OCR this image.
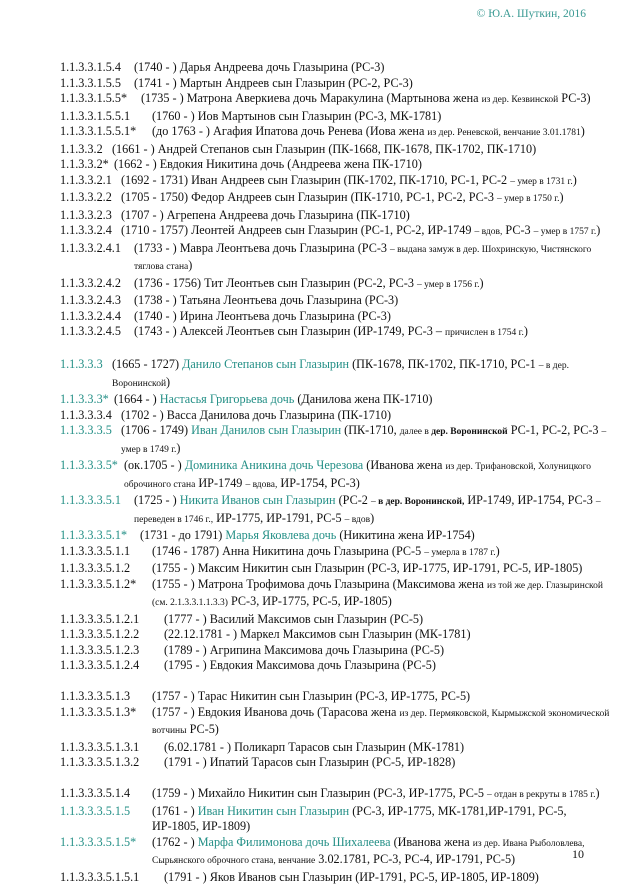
© Ю.А. Шуткин, 2016
1.1.3.3.1.5.4	(1740 - ) Дарья Андреева дочь Глазырина (РС-3)
1.1.3.3.1.5.5	(1741 - ) Мартын Андреев сын Глазырин (РС-2, РС-3)
1.1.3.3.1.5.5*	(1735 - ) Матрона Аверкиева дочь Маракулина (Мартынова жена из дер. Кезвинской РС-3)
1.1.3.3.1.5.5.1	(1760 - ) Иов Мартынов сын Глазырин (РС-3, МК-1781)
1.1.3.3.1.5.5.1*	(до 1763 - ) Агафия Ипатова дочь Ренева (Иова жена из дер. Реневской, венчание 3.01.1781)
1.1.3.3.2 (1661 - ) Андрей Степанов сын Глазырин (ПК-1668, ПК-1678, ПК-1702, ПК-1710)
1.1.3.3.2* (1662 - ) Евдокия Никитина дочь (Андреева жена ПК-1710)
1.1.3.3.2.1 (1692 - 1731) Иван Андреев сын Глазырин (ПК-1702, ПК-1710, РС-1, РС-2 – умер в 1731 г.)
1.1.3.3.2.2 (1705 - 1750) Федор Андреев сын Глазырин (ПК-1710, РС-1, РС-2, РС-3 – умер в 1750 г.)
1.1.3.3.2.3 (1707 - ) Агрепена Андреева дочь Глазырина (ПК-1710)
1.1.3.3.2.4 (1710 - 1757) Леонтей Андреев сын Глазырин (РС-1, РС-2, ИР-1749 – вдов, РС-3 – умер в 1757 г.)
1.1.3.3.2.4.1	(1733 - ) Мавра Леонтьева дочь Глазырина (РС-3 – выдана замуж в дер. Шохринскую, Чистянского тяглова стана)
1.1.3.3.2.4.2	(1736 - 1756) Тит Леонтьев сын Глазырин (РС-2, РС-3 – умер в 1756 г.)
1.1.3.3.2.4.3	(1738 - ) Татьяна Леонтьева дочь Глазырина (РС-3)
1.1.3.3.2.4.4	(1740 - ) Ирина Леонтьева дочь Глазырина (РС-3)
1.1.3.3.2.4.5	(1743 - ) Алексей Леонтьев сын Глазырин (ИР-1749, РС-3 – причислен в 1754 г.)
1.1.3.3.3 (1665 - 1727) Данило Степанов сын Глазырин (ПК-1678, ПК-1702, ПК-1710, РС-1 – в дер. Воронинской)
1.1.3.3.3* (1664 - ) Настасья Григорьева дочь (Данилова жена ПК-1710)
1.1.3.3.3.4 (1702 - ) Васса Данилова дочь Глазырина (ПК-1710)
1.1.3.3.3.5 (1706 - 1749) Иван Данилов сын Глазырин (ПК-1710, далее в дер. Воронинской РС-1, РС-2, РС-3 – умер в 1749 г.)
1.1.3.3.3.5* (ок.1705 - ) Доминика Аникина дочь Черезова (Иванова жена из дер. Трифановской, Холуницкого оброчиного стана ИР-1749 – вдова, ИР-1754, РС-3)
1.1.3.3.3.5.1	(1725 - ) Никита Иванов сын Глазырин (РС-2 – в дер. Воронинской, ИР-1749, ИР-1754, РС-3 – переведен в 1746 г., ИР-1775, ИР-1791, РС-5 – вдов)
1.1.3.3.3.5.1*	(1731 - до 1791) Марья Яковлева дочь (Никитина жена ИР-1754)
1.1.3.3.3.5.1.1	(1746 - 1787) Анна Никитина дочь Глазырина (РС-5 – умерла в 1787 г.)
1.1.3.3.3.5.1.2	(1755 - ) Максим Никитин сын Глазырин (РС-3, ИР-1775, ИР-1791, РС-5, ИР-1805)
1.1.3.3.3.5.1.2*	(1755 - ) Матрона Трофимова дочь Глазырина (Максимова жена из той же дер. Глазыринской (см. 2.1.3.3.1.1.3.3) РС-3, ИР-1775, РС-5, ИР-1805)
1.1.3.3.3.5.1.2.1	(1777 - ) Василий Максимов сын Глазырин (РС-5)
1.1.3.3.3.5.1.2.2	(22.12.1781 - ) Маркел Максимов сын Глазырин (МК-1781)
1.1.3.3.3.5.1.2.3	(1789 - ) Агрипина Максимова дочь Глазырина (РС-5)
1.1.3.3.3.5.1.2.4	(1795 - ) Евдокия Максимова дочь Глазырина (РС-5)
1.1.3.3.3.5.1.3	(1757 - ) Тарас Никитин сын Глазырин (РС-3, ИР-1775, РС-5)
1.1.3.3.3.5.1.3*	(1757 - ) Евдокия Иванова дочь (Тарасова жена из дер. Пермяковской, Кырмыжской экономической вотчины РС-5)
1.1.3.3.3.5.1.3.1	(6.02.1781 - ) Поликарп Тарасов сын Глазырин (МК-1781)
1.1.3.3.3.5.1.3.2	(1791 - ) Ипатий Тарасов сын Глазырин (РС-5, ИР-1828)
1.1.3.3.3.5.1.4	(1759 - ) Михайло Никитин сын Глазырин (РС-3, ИР-1775, РС-5 – отдан в рекруты в 1785 г.)
1.1.3.3.3.5.1.5	(1761 - ) Иван Никитин сын Глазырин (РС-3, ИР-1775, МК-1781,ИР-1791, РС-5, ИР-1805, ИР-1809)
1.1.3.3.3.5.1.5*	(1762 - ) Марфа Филимонова дочь Шихалеева (Иванова жена из дер. Ивана Рыболовлева, Сырьянского оброчного стана, венчание 3.02.1781, РС-3, РС-4, ИР-1791, РС-5)
1.1.3.3.3.5.1.5.1	(1791 - ) Яков Иванов сын Глазырин (ИР-1791, РС-5, ИР-1805, ИР-1809)
10
